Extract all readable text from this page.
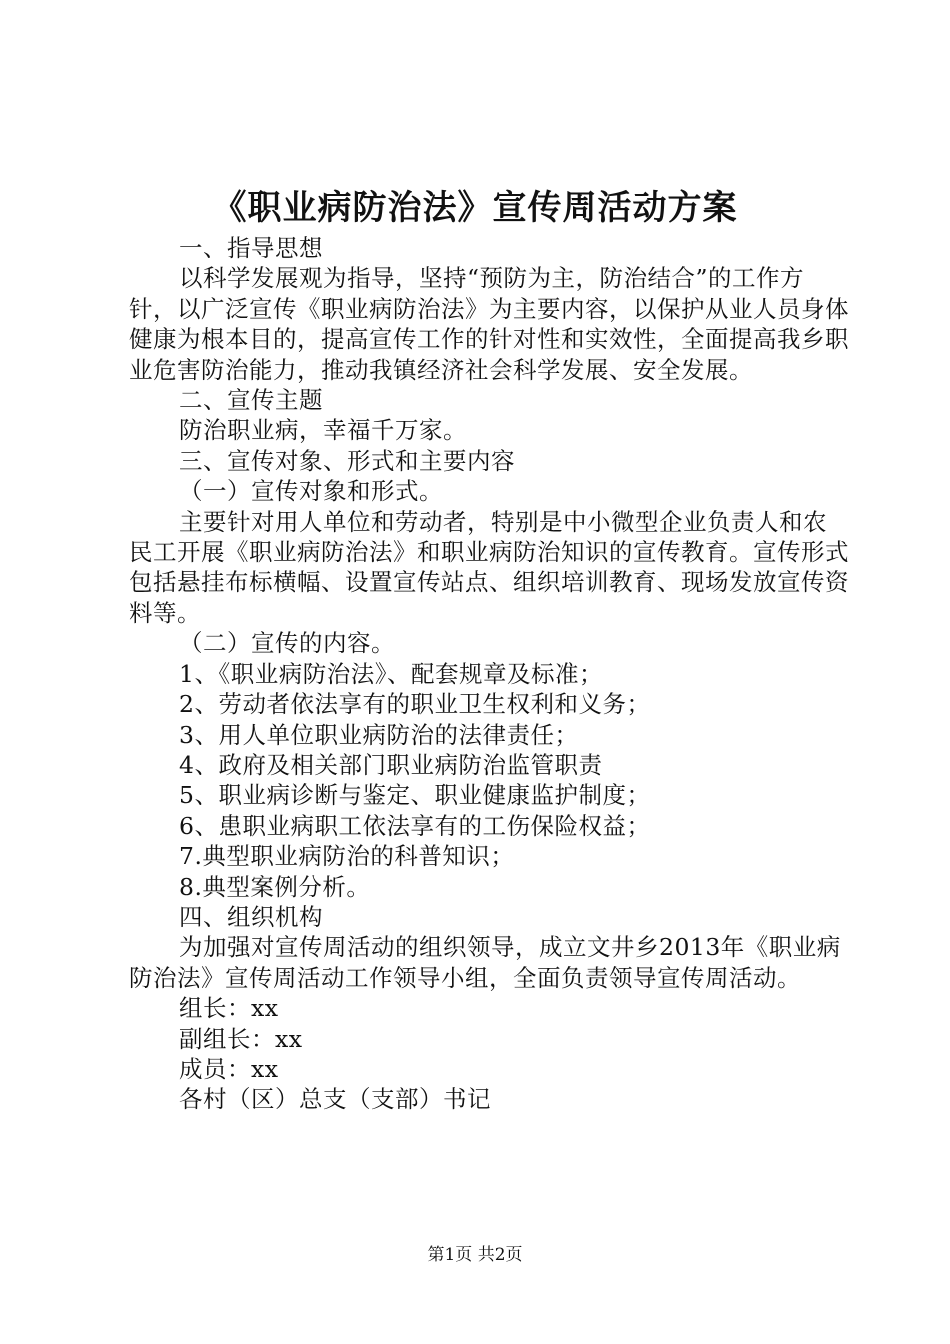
《职业病防治法》宣传周活动方案

一、指导思想

以科学发展观为指导，坚持“预防为主，防治结合”的工作方针，以广泛宣传《职业病防治法》为主要内容，以保护从业人员身体健康为根本目的，提高宣传工作的针对性和实效性，全面提高我乡职业危害防治能力，推动我镇经济社会科学发展、安全发展。

二、宣传主题

防治职业病，幸福千万家。

三、宣传对象、形式和主要内容

（一）宣传对象和形式。

主要针对用人单位和劳动者，特别是中小微型企业负责人和农民工开展《职业病防治法》和职业病防治知识的宣传教育。宣传形式包括悬挂布标横幅、设置宣传站点、组织培训教育、现场发放宣传资料等。

（二）宣传的内容。

1、《职业病防治法》、配套规章及标准；

2、劳动者依法享有的职业卫生权利和义务；

3、用人单位职业病防治的法律责任；

4、政府及相关部门职业病防治监管职责

5、职业病诊断与鉴定、职业健康监护制度；

6、患职业病职工依法享有的工伤保险权益；

7.典型职业病防治的科普知识；

8.典型案例分析。

四、组织机构

为加强对宣传周活动的组织领导，成立文井乡2013年《职业病防治法》宣传周活动工作领导小组，全面负责领导宣传周活动。

组长：xx

副组长：xx

成员：xx

各村（区）总支（支部）书记

第1页 共2页
